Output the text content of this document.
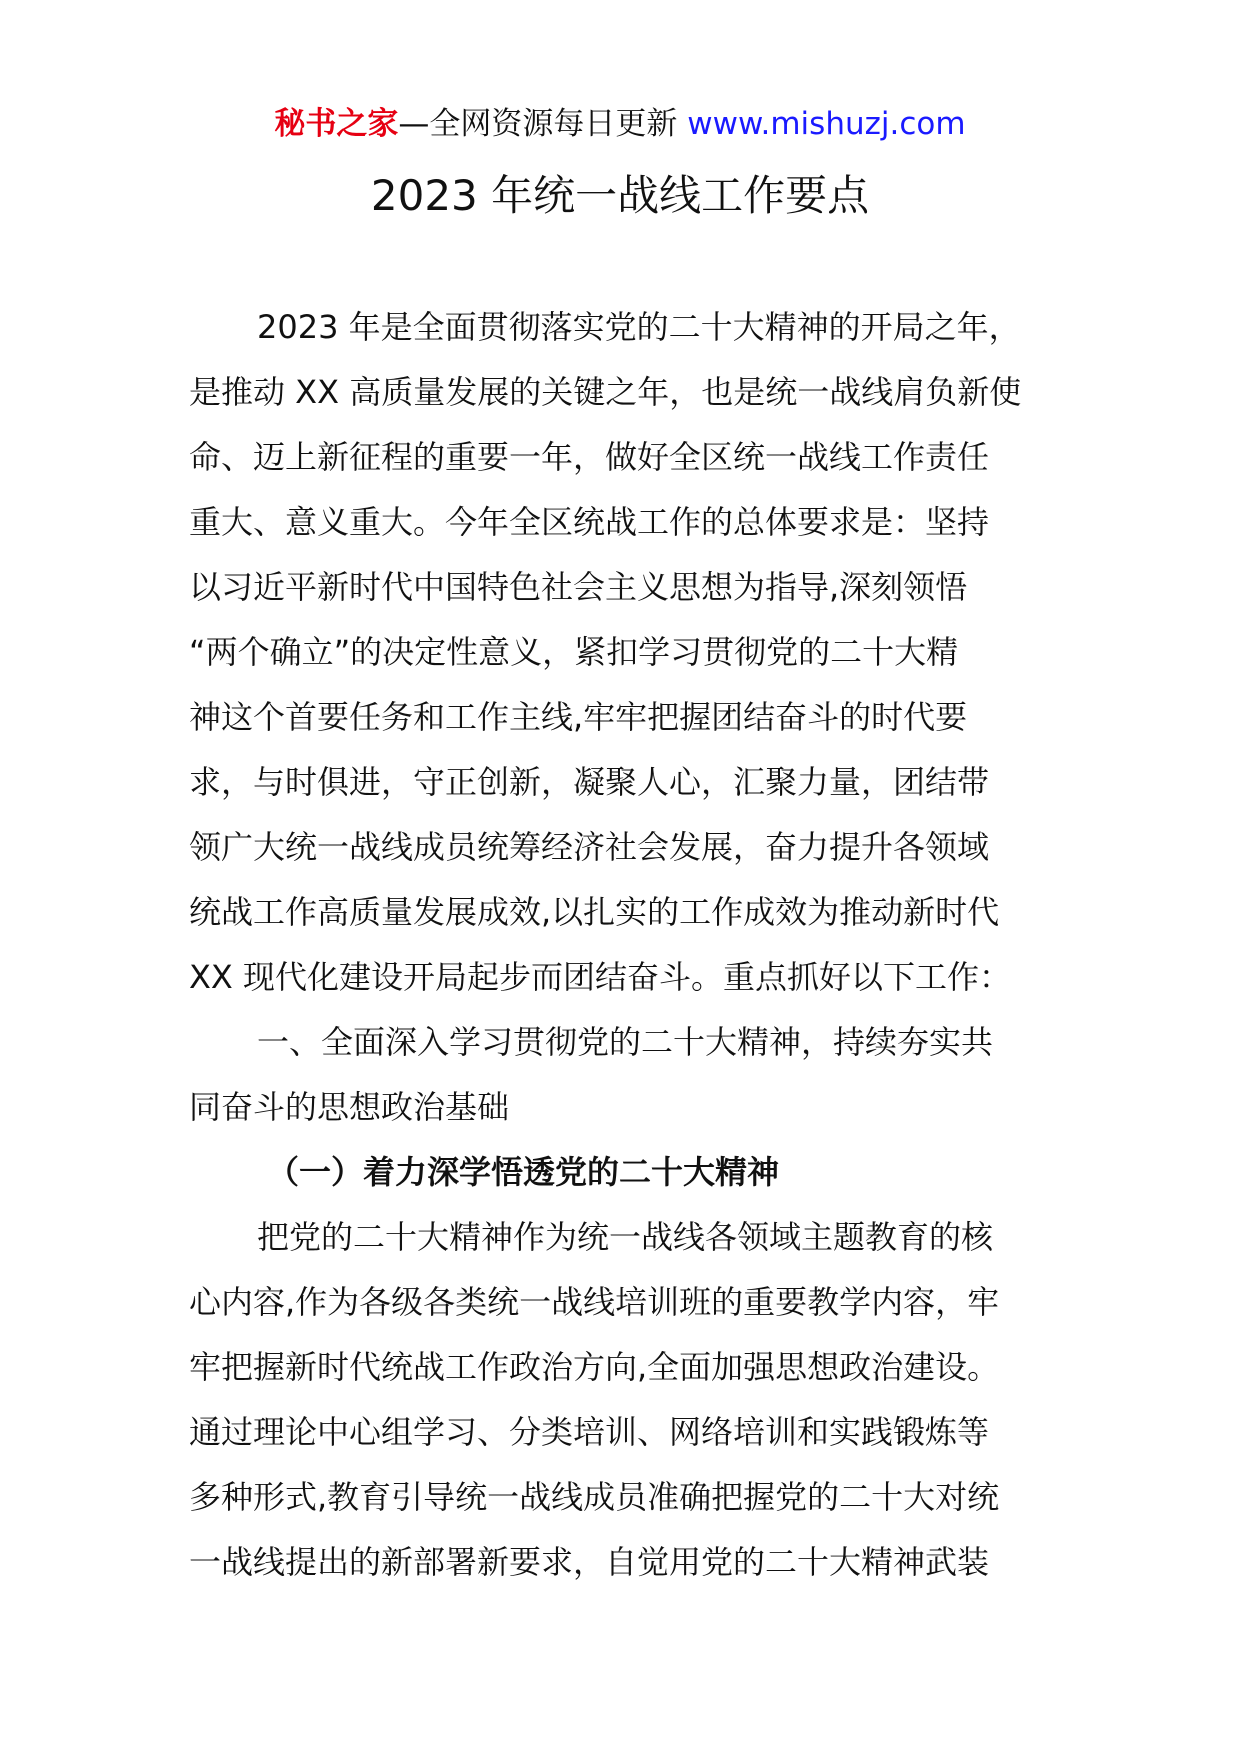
秘书之家—全网资源每日更新 www.mishuzj.com
2023 年统一战线工作要点
2023 年是全面贯彻落实党的二十大精神的开局之年，
是推动 XX 高质量发展的关键之年，也是统一战线肩负新使
命、迈上新征程的重要一年，做好全区统一战线工作责任
重大、意义重大。今年全区统战工作的总体要求是：坚持
以习近平新时代中国特色社会主义思想为指导,深刻领悟
“两个确立”的决定性意义，紧扣学习贯彻党的二十大精
神这个首要任务和工作主线,牢牢把握团结奋斗的时代要
求，与时俱进，守正创新，凝聚人心，汇聚力量，团结带
领广大统一战线成员统筹经济社会发展，奋力提升各领域
统战工作高质量发展成效,以扎实的工作成效为推动新时代
XX 现代化建设开局起步而团结奋斗。重点抓好以下工作：
一、全面深入学习贯彻党的二十大精神，持续夯实共
同奋斗的思想政治基础
（一）着力深学悟透党的二十大精神
把党的二十大精神作为统一战线各领域主题教育的核
心内容,作为各级各类统一战线培训班的重要教学内容，牢
牢把握新时代统战工作政治方向,全面加强思想政治建设。
通过理论中心组学习、分类培训、网络培训和实践锻炼等
多种形式,教育引导统一战线成员准确把握党的二十大对统
一战线提出的新部署新要求，自觉用党的二十大精神武装
